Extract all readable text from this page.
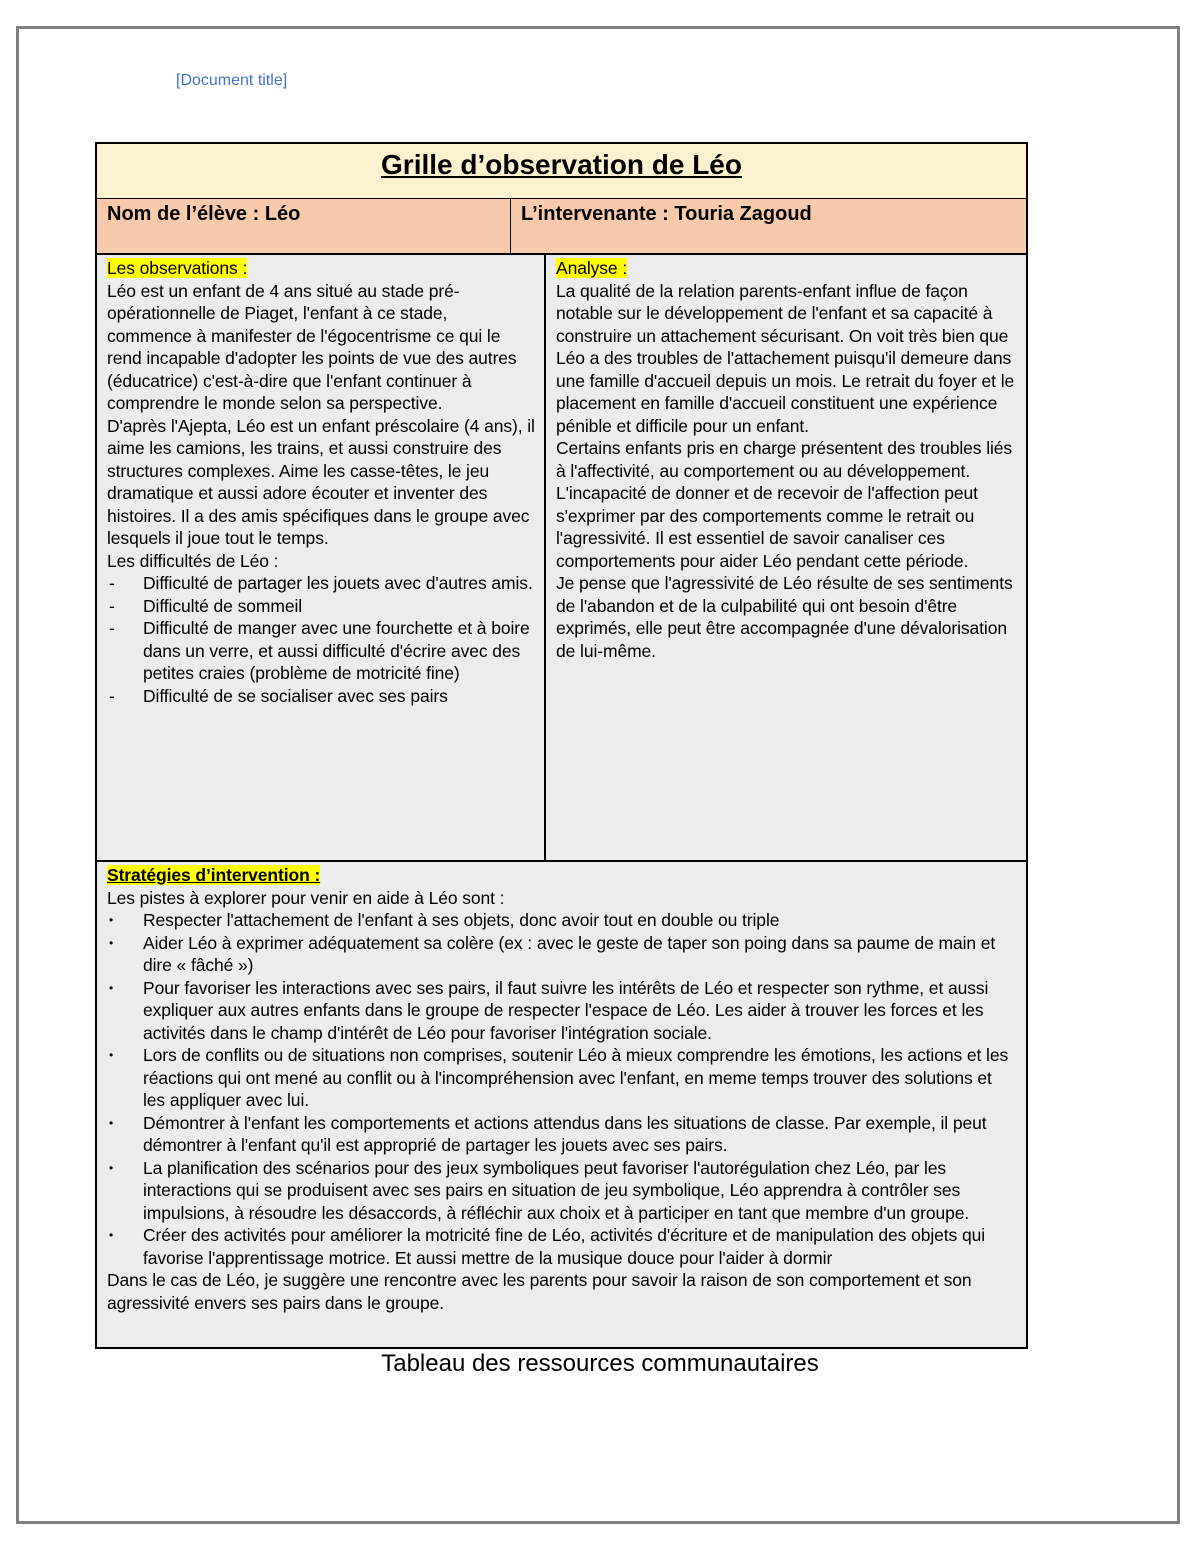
[Document title]
Grille d’observation de Léo
Nom de l’élève : Léo	L’intervenante : Touria Zagoud

Les observations :

Léo est un enfant de 4 ans situé au stade pré-opérationnelle de Piaget, l'enfant à ce stade, commence à manifester de l'égocentrisme ce qui le rend incapable d'adopter les points de vue des autres (éducatrice) c'est-à-dire que l'enfant continuer à comprendre le monde selon sa perspective.

D'après l'Ajepta, Léo est un enfant préscolaire (4 ans), il aime les camions, les trains, et aussi construire des structures complexes. Aime les casse-têtes, le jeu dramatique et aussi adore écouter et inventer des histoires. Il a des amis spécifiques dans le groupe avec lesquels il joue tout le temps.

Les difficultés de Léo :

- Difficulté de partager les jouets avec d'autres amis.
- Difficulté de sommeil
- Difficulté de manger avec une fourchette et à boire dans un verre, et aussi difficulté d'écrire avec des petites craies (problème de motricité fine)
- Difficulté de se socialiser avec ses pairs

Analyse :

La qualité de la relation parents-enfant influe de façon notable sur le développement de l'enfant et sa capacité à construire un attachement sécurisant. On voit très bien que Léo a des troubles de l'attachement puisqu'il demeure dans une famille d'accueil depuis un mois. Le retrait du foyer et le placement en famille d'accueil constituent une expérience pénible et difficile pour un enfant.

Certains enfants pris en charge présentent des troubles liés à l'affectivité, au comportement ou au développement.

L'incapacité de donner et de recevoir de l'affection peut s'exprimer par des comportements comme le retrait ou l'agressivité. Il est essentiel de savoir canaliser ces comportements pour aider Léo pendant cette période.

Je pense que l'agressivité de Léo résulte de ses sentiments de l'abandon et de la culpabilité qui ont besoin d'être exprimés, elle peut être accompagnée d'une dévalorisation de lui-même.

Stratégies d’intervention :

Les pistes à explorer pour venir en aide à Léo sont :

• Respecter l'attachement de l'enfant à ses objets, donc avoir tout en double ou triple
• Aider Léo à exprimer adéquatement sa colère (ex : avec le geste de taper son poing dans sa paume de main et dire « fâché »)
• Pour favoriser les interactions avec ses pairs, il faut suivre les intérêts de Léo et respecter son rythme, et aussi expliquer aux autres enfants dans le groupe de respecter l'espace de Léo. Les aider à trouver les forces et les activités dans le champ d'intérêt de Léo pour favoriser l'intégration sociale.
• Lors de conflits ou de situations non comprises, soutenir Léo à mieux comprendre les émotions, les actions et les réactions qui ont mené au conflit ou à l'incompréhension avec l'enfant, en meme temps trouver des solutions et les appliquer avec lui.
• Démontrer à l'enfant les comportements et actions attendus dans les situations de classe. Par exemple, il peut démontrer à l'enfant qu'il est approprié de partager les jouets avec ses pairs.
• La planification des scénarios pour des jeux symboliques peut favoriser l'autorégulation chez Léo, par les interactions qui se produisent avec ses pairs en situation de jeu symbolique, Léo apprendra à contrôler ses impulsions, à résoudre les désaccords, à réfléchir aux choix et à participer en tant que membre d'un groupe.
• Créer des activités pour améliorer la motricité fine de Léo, activités d'écriture et de manipulation des objets qui favorise l'apprentissage motrice. Et aussi mettre de la musique douce pour l'aider à dormir

Dans le cas de Léo, je suggère une rencontre avec les parents pour savoir la raison de son comportement et son agressivité envers ses pairs dans le groupe.

Tableau des ressources communautaires
